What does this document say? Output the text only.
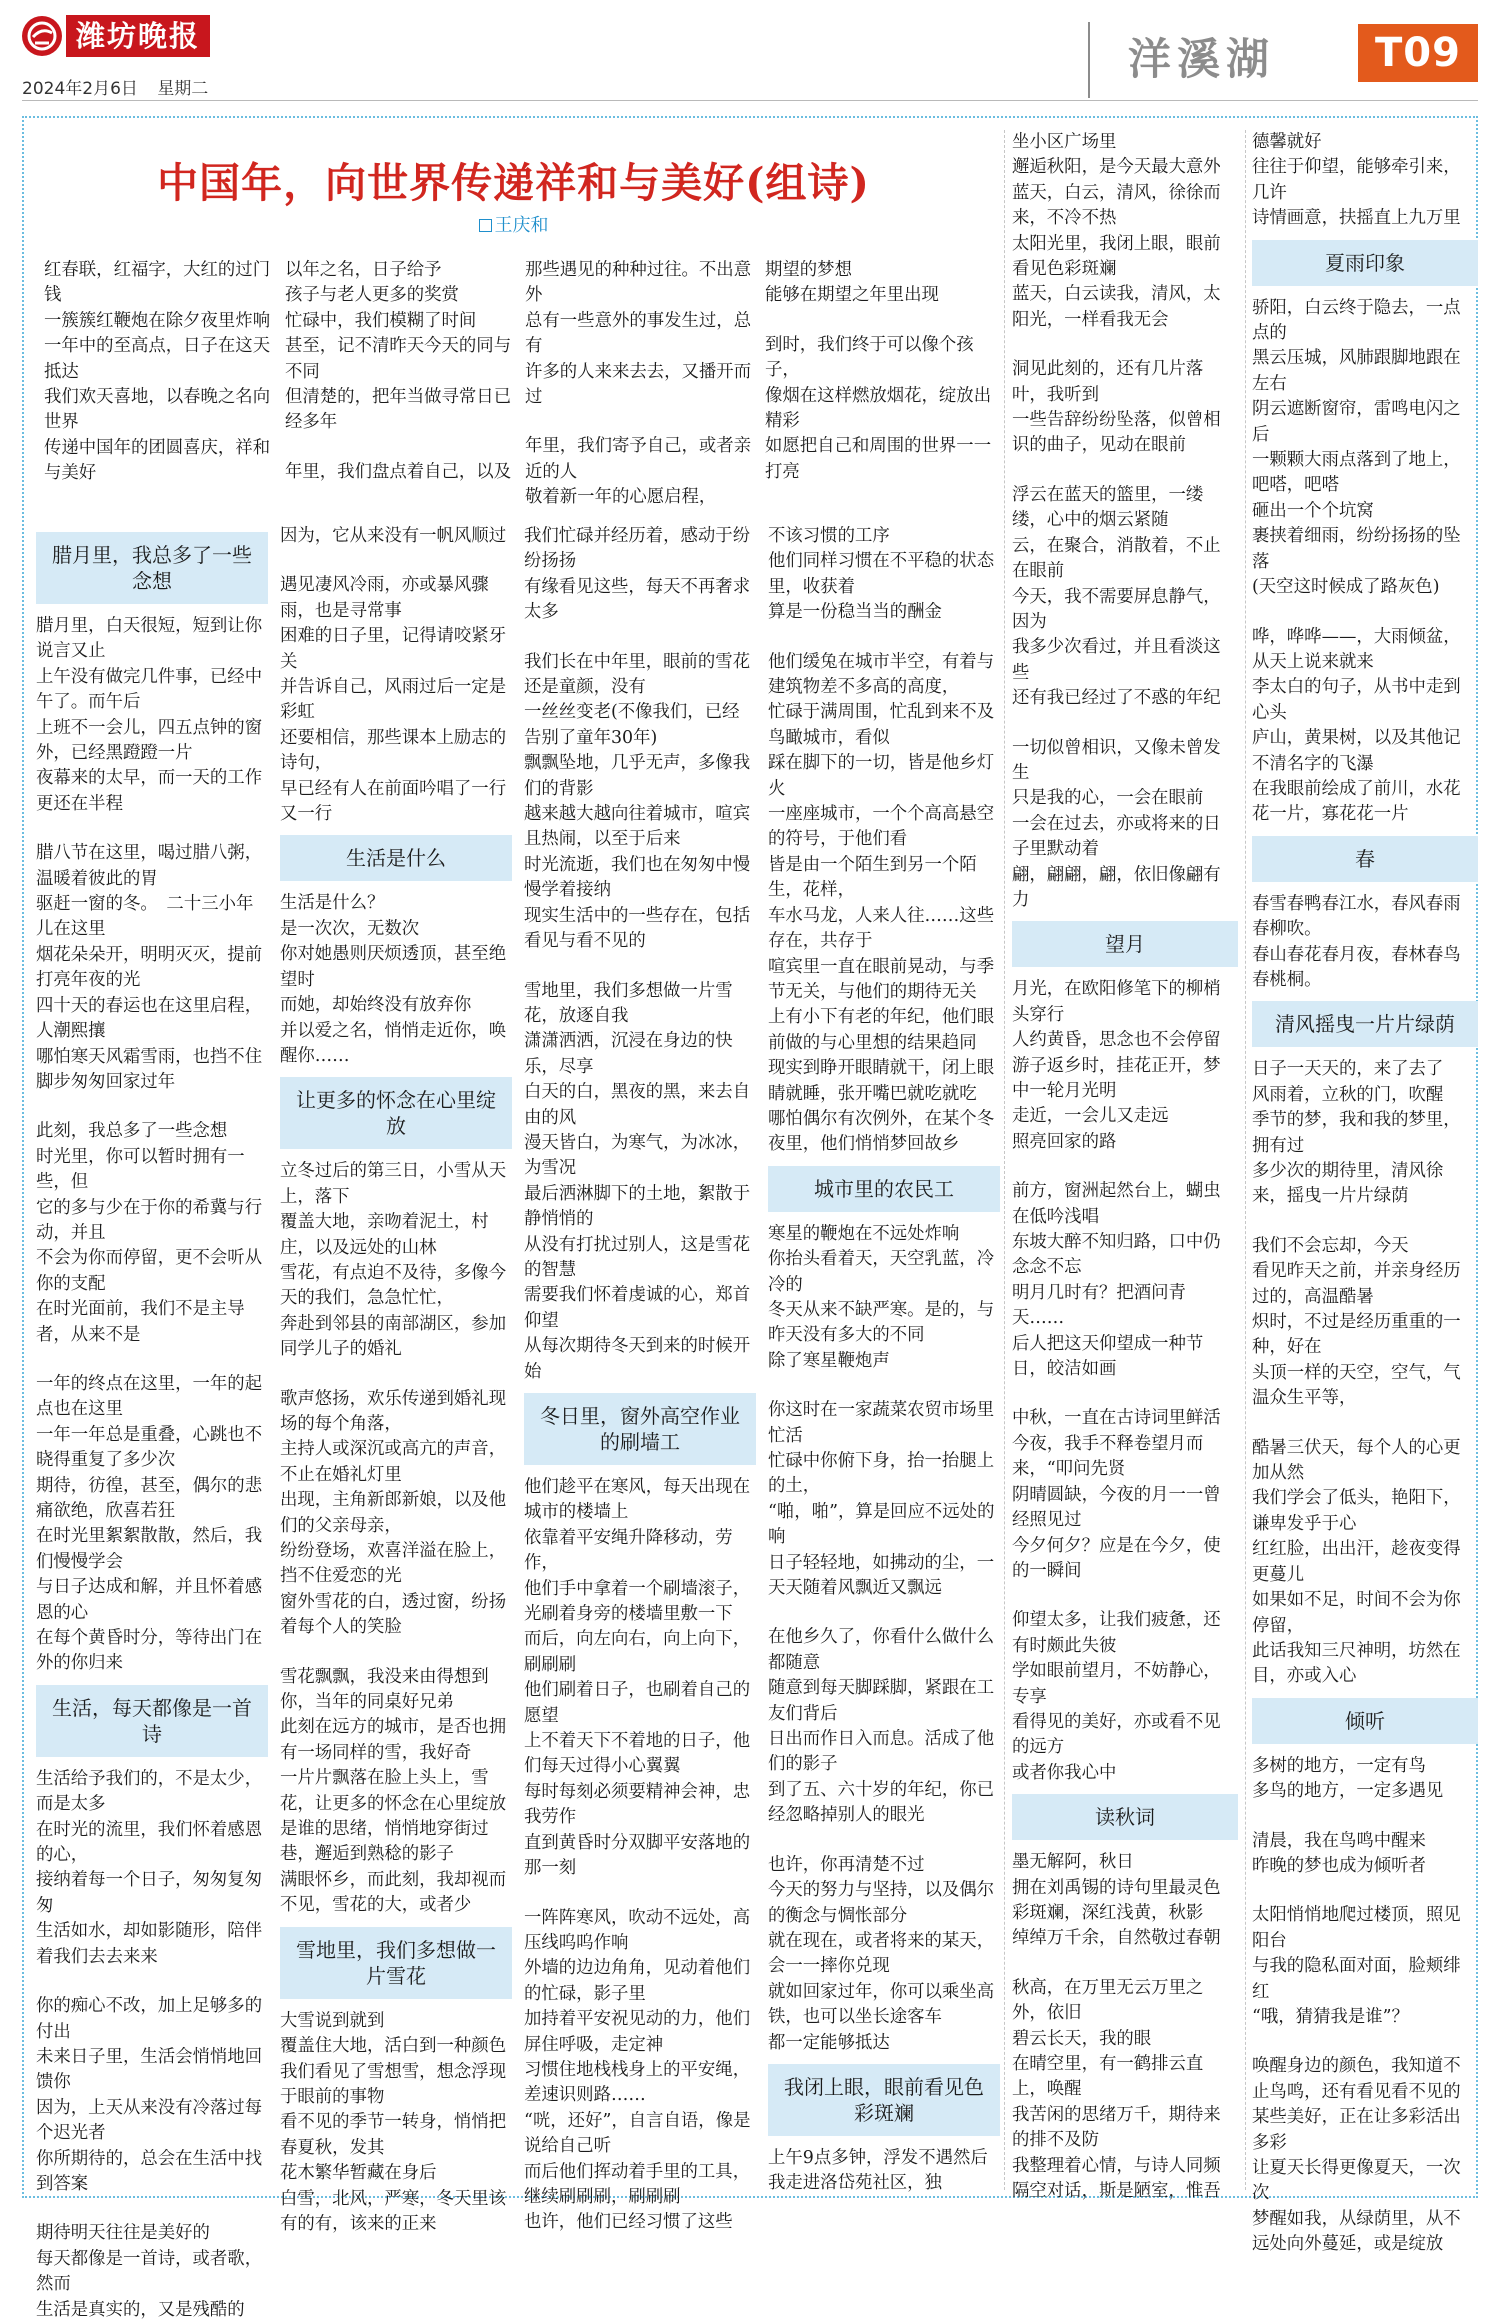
潍坊晚报
2024年2月6日 星期二
洋溪湖	T09
中国年，向世界传递祥和与美好(组诗)
王庆和

红春联，红福字，大红的过门钱

一簇簇红鞭炮在除夕夜里炸响

一年中的至高点，日子在这天抵达

我们欢天喜地，以春晚之名向世界

传递中国年的团圆喜庆，祥和与美好

以年之名，日子给予

孩子与老人更多的奖赏

忙碌中，我们模糊了时间

甚至，记不清昨天今天的同与不同

但清楚的，把年当做寻常日已经多年

年里，我们盘点着自己，以及

那些遇见的种种过往。不出意外

总有一些意外的事发生过，总有

许多的人来来去去，又播开而过

年里，我们寄予自己，或者亲近的人

敬着新一年的心愿启程，

期望的梦想

能够在期望之年里出现

到时，我们终于可以像个孩子，

像烟在这样燃放烟花，绽放出精彩

如愿把自己和周围的世界一一打亮

腊月里，我总多了一些念想

腊月里，白天很短，短到让你说言又止

上午没有做完几件事，已经中午了。而午后

上班不一会儿，四五点钟的窗外，已经黑蹬蹬一片

夜幕来的太早，而一天的工作更还在半程

腊八节在这里，喝过腊八粥，温暖着彼此的胃

驱赶一窗的冬。　二十三小年儿在这里

烟花朵朵开，明明灭灭，提前打亮年夜的光

四十天的春运也在这里启程，人潮熙攘

哪怕寒天风霜雪雨，也挡不住脚步匆匆回家过年

此刻，我总多了一些念想

时光里，你可以暂时拥有一些，但

它的多与少在于你的希冀与行动，并且

不会为你而停留，更不会听从你的支配

在时光面前，我们不是主导者，从来不是

一年的终点在这里，一年的起点也在这里

一年一年总是重叠，心跳也不晓得重复了多少次

期待，彷徨，甚至，偶尔的悲痛欲绝，欣喜若狂

在时光里絮絮散散，然后，我们慢慢学会

与日子达成和解，并且怀着感恩的心

在每个黄昏时分，等待出门在外的你归来

生活，每天都像是一首诗

生活给予我们的，不是太少，而是太多

在时光的流里，我们怀着感恩的心，

接纳着每一个日子，匆匆复匆匆

生活如水，却如影随形，陪伴着我们去去来来

你的痴心不改，加上足够多的付出

未来日子里，生活会悄悄地回馈你

因为，上天从来没有冷落过每个迟光者

你所期待的，总会在生活中找到答案

期待明天往往是美好的

每天都像是一首诗，或者歌，然而

生活是真实的，又是残酷的

因为，它从来没有一帆风顺过

遇见凄风冷雨，亦或暴风骤雨，也是寻常事

困难的日子里，记得请咬紧牙关

并告诉自己，风雨过后一定是彩虹

还要相信，那些课本上励志的诗句，

早已经有人在前面吟唱了一行又一行

生活是什么

生活是什么？

是一次次，无数次

你对她愚则厌烦透顶，甚至绝望时

而她，却始终没有放弃你

并以爱之名，悄悄走近你，唤醒你……

让更多的怀念在心里绽放

立冬过后的第三日，小雪从天上，落下

覆盖大地，亲吻着泥土，村庄，以及远处的山林

雪花，有点迫不及待，多像今天的我们，急急忙忙，

奔赴到邻县的南部湖区，参加同学儿子的婚礼

歌声悠扬，欢乐传递到婚礼现场的每个角落，

主持人或深沉或高亢的声音，不止在婚礼灯里

出现，主角新郎新娘，以及他们的父亲母亲，

纷纷登场，欢喜洋溢在脸上，挡不住爱恋的光

窗外雪花的白，透过窗，纷扬着每个人的笑脸

雪花飘飘，我没来由得想到你，当年的同桌好兄弟

此刻在远方的城市，是否也拥有一场同样的雪，我好奇

一片片飘落在脸上头上，雪花，让更多的怀念在心里绽放

是谁的思绪，悄悄地穿街过巷，邂逅到熟稔的影子

满眼怀乡，而此刻，我却视而不见，雪花的大，或者少

雪地里，我们多想做一片雪花

大雪说到就到

覆盖住大地，活白到一种颜色

我们看见了雪想雪，想念浮现于眼前的事物

看不见的季节一转身，悄悄把春夏秋，发其

花木繁华暂藏在身后

白雪，北风，严寒，冬天里该有的有，该来的正来

我们忙碌并经历着，感动于纷纷扬扬

有缘看见这些，每天不再奢求太多

我们长在中年里，眼前的雪花还是童颜，没有

一丝丝变老(不像我们，已经告别了童年30年)

飘飘坠地，几乎无声，多像我们的背影

越来越大越向往着城市，喧宾且热闹，以至于后来

时光流逝，我们也在匆匆中慢慢学着接纳

现实生活中的一些存在，包括看见与看不见的

雪地里，我们多想做一片雪花，放逐自我

潇潇洒洒，沉浸在身边的快乐，尽享

白天的白，黑夜的黑，来去自由的风

漫天皆白，为寒气，为冰冰，为雪况

最后洒淋脚下的土地，絮散于静悄悄的

从没有打扰过别人，这是雪花的智慧

需要我们怀着虔诚的心，郑首仰望

从每次期待冬天到来的时候开始

冬日里，窗外高空作业的刷墙工

他们趁平在寒风，每天出现在城市的楼墙上

依靠着平安绳升降移动，劳作，

他们手中拿着一个刷墙滚子，光刷着身旁的楼墙里敷一下

而后，向左向右，向上向下，刷刷刷

他们刷着日子，也刷着自己的愿望

上不着天下不着地的日子，他们每天过得小心翼翼

每时每刻必须要精神会神，忠我劳作

直到黄昏时分双脚平安落地的那一刻

一阵阵寒风，吹动不远处，高压线呜呜作响

外墙的边边角角，见动着他们的忙碌，影子里

加持着平安祝见动的力，他们屏住呼吸，走定神

习惯住地栈栈身上的平安绳，差速识则路……

“咣，还好”，自言自语，像是说给自己听

而后他们挥动着手里的工具，继续刷刷刷，刷刷刷

也许，他们已经习惯了这些

不该习惯的工序

他们同样习惯在不平稳的状态里，收获着

算是一份稳当当的酬金

他们缓兔在城市半空，有着与建筑物差不多高的高度，

忙碌于满周围，忙乱到来不及鸟瞰城市，看似

踩在脚下的一切，皆是他乡灯火

一座座城市，一个个高高悬空的符号，于他们看

皆是由一个陌生到另一个陌生，花样，

车水马龙，人来人往……这些存在，共存于

喧宾里一直在眼前晃动，与季节无关，与他们的期待无关

上有小下有老的年纪，他们眼前做的与心里想的结果趋同

现实到睁开眼睛就干，闭上眼睛就睡，张开嘴巴就吃就吃

哪怕偶尔有次例外，在某个冬夜里，他们悄悄梦回故乡

城市里的农民工

寒星的鞭炮在不远处炸响

你抬头看着天，天空乳蓝，冷冷的

冬天从来不缺严寒。是的，与昨天没有多大的不同

除了寒星鞭炮声

你这时在一家蔬菜农贸市场里忙活

忙碌中你俯下身，抬一抬腿上的土，

“啪，啪”，算是回应不远处的响

日子轻轻地，如拂动的尘，一天天随着风飘近又飘远

在他乡久了，你看什么做什么都随意

随意到每天脚踩脚，紧跟在工友们背后

日出而作日入而息。活成了他们的影子

到了五、六十岁的年纪，你已经忽略掉别人的眼光

也许，你再清楚不过

今天的努力与坚持，以及偶尔的衡念与惆怅部分

就在现在，或者将来的某天，会一一摔你兑现

就如回家过年，你可以乘坐高铁，也可以坐长途客车

都一定能够抵达

我闭上眼，眼前看见色彩斑斓

上午9点多钟，浮发不遇然后我走进洛岱苑社区，独

坐小区广场里

邂逅秋阳，是今天最大意外

蓝天，白云，清风，徐徐而来，不冷不热

太阳光里，我闭上眼，眼前看见色彩斑斓

蓝天，白云读我，清风，太阳光，一样看我无会

洞见此刻的，还有几片落叶，我听到

一些告辞纷纷坠落，似曾相识的曲子，见动在眼前

浮云在蓝天的篮里，一缕缕，心中的烟云紧随

云，在聚合，消散着，不止在眼前

今天，我不需要屏息静气，因为

我多少次看过，并且看淡这些

还有我已经过了不惑的年纪

一切似曾相识，又像未曾发生

只是我的心，一会在眼前

一会在过去，亦或将来的日子里默动着

翩，翩翩，翩，依旧像翩有力

望月

月光，在欧阳修笔下的柳梢头穿行

人约黄昏，思念也不会停留游子返乡时，挂花正开，梦中一轮月光明

走近，一会儿又走远

照亮回家的路

前方，窗洲起然台上，蝴虫在低吟浅唱

东坡大醉不知归路，口中仍念念不忘

明月几时有？把酒问青天……

后人把这天仰望成一种节日，皎洁如画

中秋，一直在古诗词里鲜活

今夜，我手不释卷望月而来，“叩问先贤

阴晴圆缺，今夜的月一一曾经照见过

今夕何夕？应是在今夕，使的一瞬间

仰望太多，让我们疲惫，还有时颇此失彼

学如眼前望月，不妨静心，专享

看得见的美好，亦或看不见的远方

或者你我心中

读秋词

墨无解阿，秋日

拥在刘禹锡的诗句里最灵色彩斑斓，深红浅黄，秋影

绰绰万千余，自然敬过春朝

秋高，在万里无云万里之外，依旧

碧云长天，我的眼

在晴空里，有一鹤排云直上，唤醒

我苦闲的思绪万千，期待来的排不及防

我整理着心情，与诗人同频

隔空对话，斯是陋室，惟吾

德馨就好

往往于仰望，能够牵引来，几许

诗情画意，扶摇直上九万里

夏雨印象

骄阳，白云终于隐去，一点点的

黑云压城，风肺跟脚地跟在左右

阴云遮断窗帘，雷鸣电闪之后

一颗颗大雨点落到了地上，吧嗒，吧嗒

砸出一个个坑窝

裹挟着细雨，纷纷扬扬的坠落

(天空这时候成了路灰色)

哗，哗哗——，大雨倾盆，从天上说来就来

李太白的句子，从书中走到心头

庐山，黄果树，以及其他记不清名字的飞瀑

在我眼前绘成了前川，水花花一片，寡花花一片

春

春雪春鸭春江水，春风春雨春柳吹。

春山春花春月夜，春林春鸟春桃桐。

清风摇曳一片片绿荫

日子一天天的，来了去了

风雨着，立秋的门，吹醒

季节的梦，我和我的梦里，拥有过

多少次的期待里，清风徐来，摇曳一片片绿荫

我们不会忘却，今天

看见昨天之前，并亲身经历过的，高温酷暑

炽时，不过是经历重重的一种，好在

头顶一样的天空，空气，气温众生平等，

酷暑三伏天，每个人的心更加从然

我们学会了低头，艳阳下，谦卑发乎于心

红红脸，出出汗，趁夜变得更蔓儿

如果如不足，时间不会为你停留，

此话我知三尺神明，坊然在目，亦或入心

倾听

多树的地方，一定有鸟

多鸟的地方，一定多遇见

清晨，我在鸟鸣中醒来

昨晚的梦也成为倾听者

太阳悄悄地爬过楼顶，照见阳台

与我的隐私面对面，脸颊绯红

“哦，猜猜我是谁”？

唤醒身边的颜色，我知道不止鸟鸣，还有看见看不见的

某些美好，正在让多彩活出多彩

让夏天长得更像夏天，一次次

梦醒如我，从绿荫里，从不远处向外蔓延，或是绽放
